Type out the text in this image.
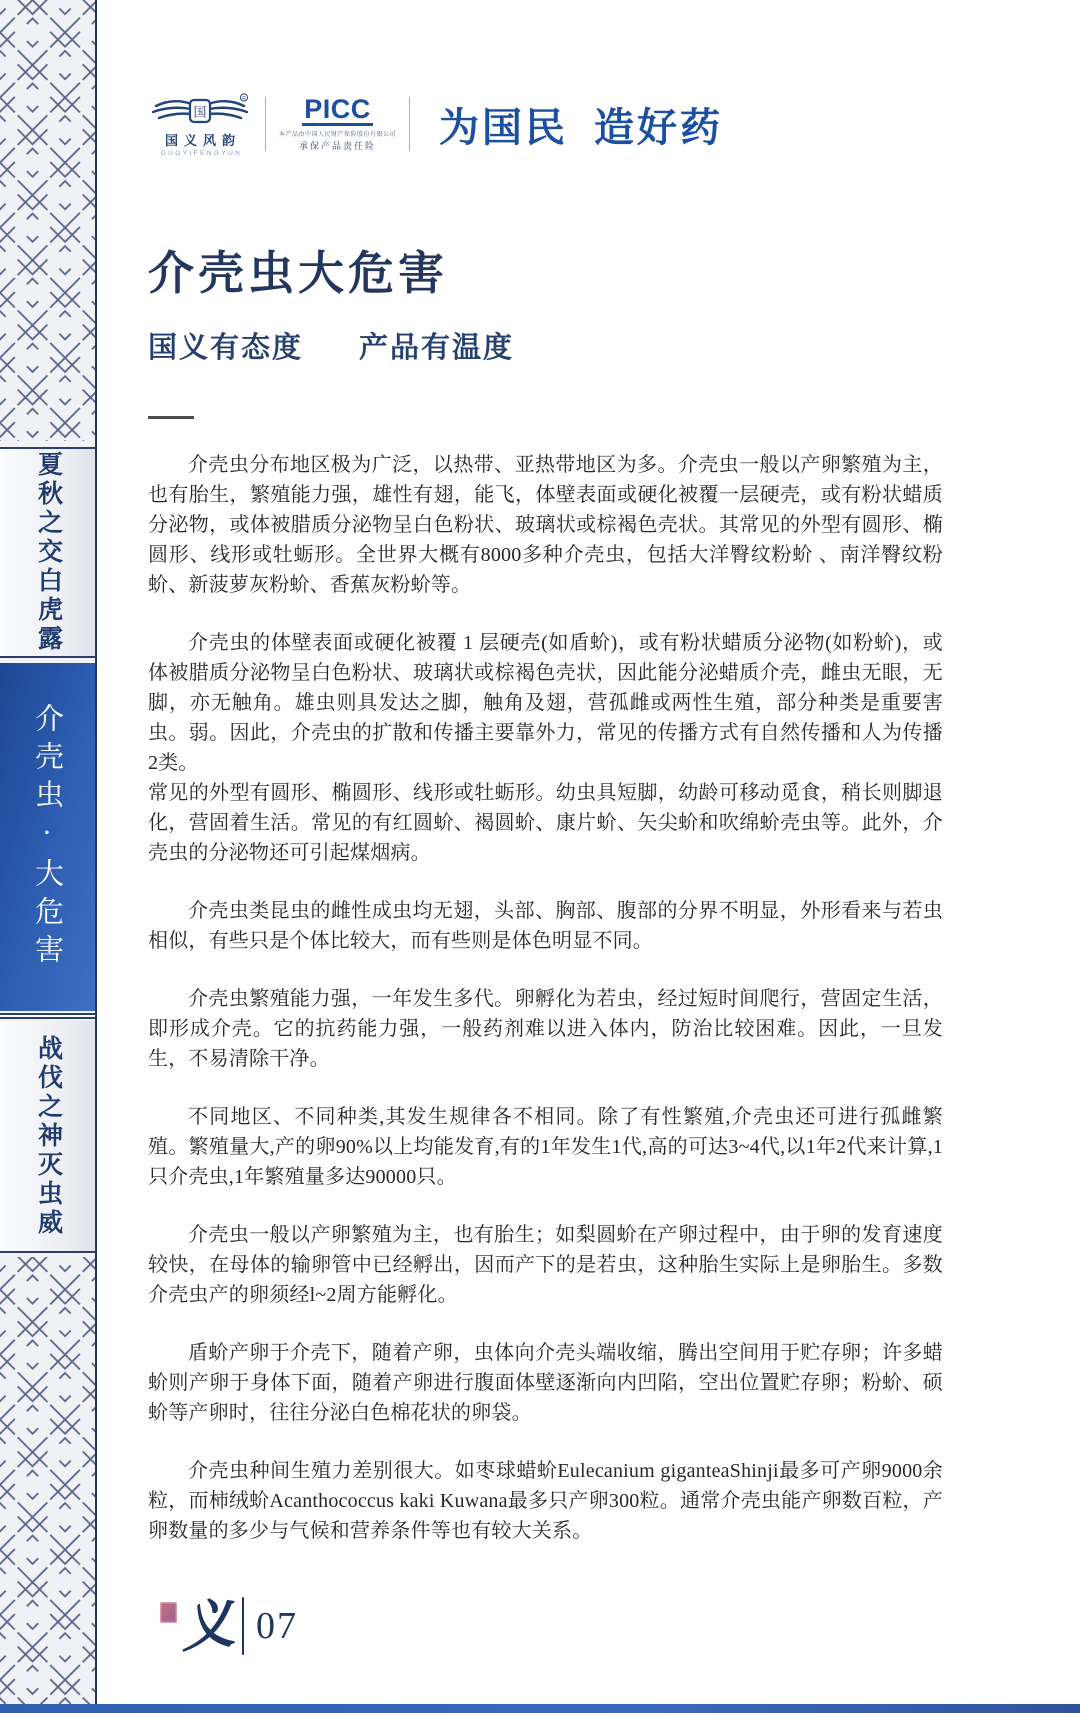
夏秋之交白虎露
介壳虫·大危害
战伐之神灭虫威
国
R
国义风韵
GUOYIFENGYUN
PICC
本产品由中国人民财产保险股份有限公司
承保产品责任险 为国民 造好药
介壳虫大危害
国义有态度 产品有温度

介壳虫分布地区极为广泛，以热带、亚热带地区为多。介壳虫一般以产卵繁殖为主，也有胎生，繁殖能力强，雄性有翅，能飞，体壁表面或硬化被覆一层硬壳，或有粉状蜡质分泌物，或体被腊质分泌物呈白色粉状、玻璃状或棕褐色壳状。其常见的外型有圆形、椭圆形、线形或牡蛎形。全世界大概有8000多种介壳虫，包括大洋臀纹粉蚧 、南洋臀纹粉蚧、新菠萝灰粉蚧、香蕉灰粉蚧等。

介壳虫的体壁表面或硬化被覆 1 层硬壳(如盾蚧)，或有粉状蜡质分泌物(如粉蚧)，或体被腊质分泌物呈白色粉状、玻璃状或棕褐色壳状，因此能分泌蜡质介壳，雌虫无眼，无脚，亦无触角。雄虫则具发达之脚，触角及翅，营孤雌或两性生殖，部分种类是重要害虫。弱。因此，介壳虫的扩散和传播主要靠外力，常见的传播方式有自然传播和人为传播2类。

常见的外型有圆形、椭圆形、线形或牡蛎形。幼虫具短脚，幼龄可移动觅食，稍长则脚退化，营固着生活。常见的有红圆蚧、褐圆蚧、康片蚧、矢尖蚧和吹绵蚧壳虫等。此外，介壳虫的分泌物还可引起煤烟病。

介壳虫类昆虫的雌性成虫均无翅，头部、胸部、腹部的分界不明显，外形看来与若虫相似，有些只是个体比较大，而有些则是体色明显不同。

介壳虫繁殖能力强，一年发生多代。卵孵化为若虫，经过短时间爬行，营固定生活，即形成介壳。它的抗药能力强，一般药剂难以进入体内，防治比较困难。因此，一旦发生，不易清除干净。

不同地区、不同种类,其发生规律各不相同。除了有性繁殖,介壳虫还可进行孤雌繁殖。繁殖量大,产的卵90%以上均能发育,有的1年发生1代,高的可达3~4代,以1年2代来计算,1只介壳虫,1年繁殖量多达90000只。

介壳虫一般以产卵繁殖为主，也有胎生；如梨圆蚧在产卵过程中，由于卵的发育速度较快，在母体的输卵管中已经孵出，因而产下的是若虫，这种胎生实际上是卵胎生。多数介壳虫产的卵须经l~2周方能孵化。

盾蚧产卵于介壳下，随着产卵，虫体向介壳头端收缩，腾出空间用于贮存卵；许多蜡蚧则产卵于身体下面，随着产卵进行腹面体壁逐渐向内凹陷，空出位置贮存卵；粉蚧、硕蚧等产卵时，往往分泌白色棉花状的卵袋。

介壳虫种间生殖力差别很大。如枣球蜡蚧Eulecanium giganteaShinji最多可产卵9000余粒，而柿绒蚧Acanthococcus kaki Kuwana最多只产卵300粒。通常介壳虫能产卵数百粒，产卵数量的多少与气候和营养条件等也有较大关系。

义 07
